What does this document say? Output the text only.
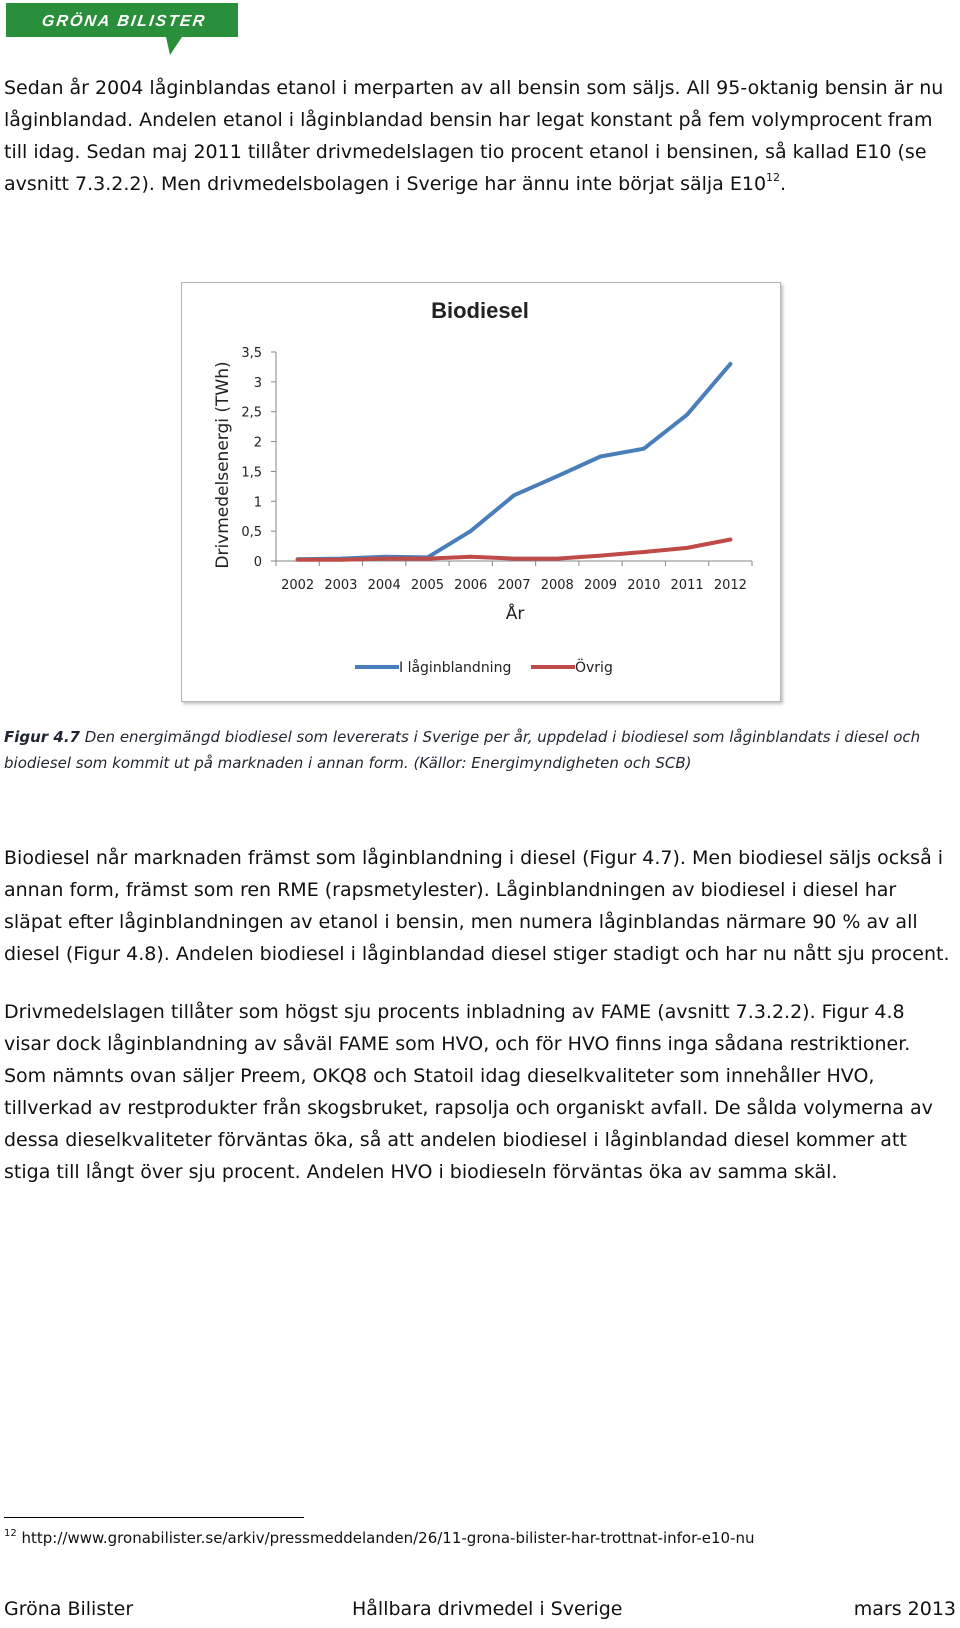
GRÖNA BILISTER

Sedan år 2004 låginblandas etanol i merparten av all bensin som säljs. All 95-oktanig bensin är nu låginblandad. Andelen etanol i låginblandad bensin har legat konstant på fem volymprocent fram till idag. Sedan maj 2011 tillåter drivmedelslagen tio procent etanol i bensinen, så kallad E10 (se avsnitt 7.3.2.2). Men drivmedelsbolagen i Sverige har ännu inte börjat sälja $E10^{12}$.

Biodiesel
Drivmedelsenergi (TWh)
År
0
0,5
1
1,5
2
2,5
3
3,5
2002 2003 2004 2005 2006 2007 2008 2009 2010 2011 2012
I låginblandning	Övrig

Figur 4.7 Den energimängd biodiesel som levererats i Sverige per år, uppdelad i biodiesel som låginblandats i diesel och biodiesel som kommit ut på marknaden i annan form. (Källor: Energimyndigheten och SCB)

Biodiesel når marknaden främst som låginblandning i diesel (Figur 4.7). Men biodiesel säljs också i annan form, främst som ren RME (rapsmetylester). Låginblandningen av biodiesel i diesel har släpat efter låginblandningen av etanol i bensin, men numera låginblandas närmare 90 % av all diesel (Figur 4.8). Andelen biodiesel i låginblandad diesel stiger stadigt och har nu nått sju procent.

Drivmedelslagen tillåter som högst sju procents inbladning av FAME (avsnitt 7.3.2.2). Figur 4.8 visar dock låginblandning av såväl FAME som HVO, och för HVO finns inga sådana restriktioner. Som nämnts ovan säljer Preem, OKQ8 och Statoil idag dieselkvaliteter som innehåller HVO, tillverkad av restprodukter från skogsbruket, rapsolja och organiskt avfall. De sålda volymerna av dessa dieselkvaliteter förväntas öka, så att andelen biodiesel i låginblandad diesel kommer att stiga till långt över sju procent. Andelen HVO i biodieseln förväntas öka av samma skäl.

$^{12}$ http://www.gronabilister.se/arkiv/pressmeddelanden/26/11-grona-bilister-har-trottnat-infor-e10-nu
Gröna Bilister	Hållbara drivmedel i Sverige	mars 2013
